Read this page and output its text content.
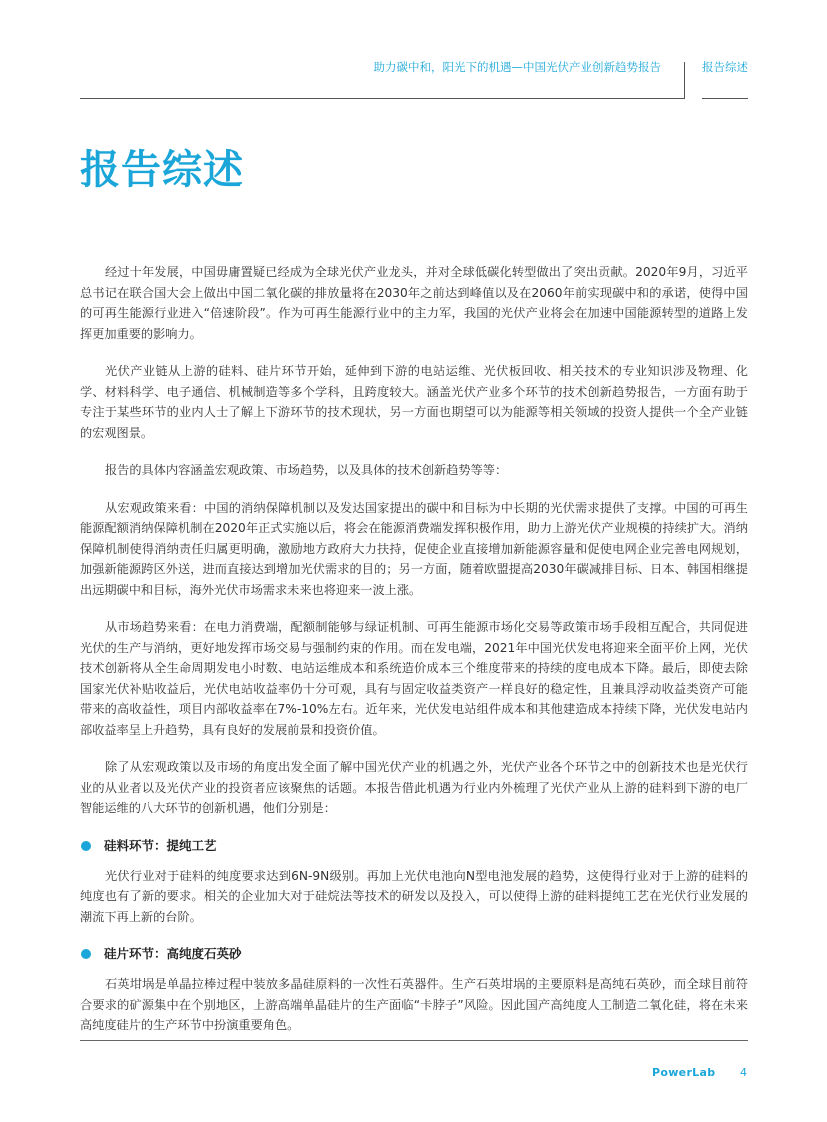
助力碳中和，阳光下的机遇—中国光伏产业创新趋势报告	报告综述
报告综述

经过十年发展，中国毋庸置疑已经成为全球光伏产业龙头，并对全球低碳化转型做出了突出贡献。2020年9月，习近平总书记在联合国大会上做出中国二氧化碳的排放量将在2030年之前达到峰值以及在2060年前实现碳中和的承诺，使得中国的可再生能源行业进入“倍速阶段”。作为可再生能源行业中的主力军，我国的光伏产业将会在加速中国能源转型的道路上发挥更加重要的影响力。

光伏产业链从上游的硅料、硅片环节开始，延伸到下游的电站运维、光伏板回收、相关技术的专业知识涉及物理、化学、材料科学、电子通信、机械制造等多个学科，且跨度较大。涵盖光伏产业多个环节的技术创新趋势报告，一方面有助于专注于某些环节的业内人士了解上下游环节的技术现状，另一方面也期望可以为能源等相关领域的投资人提供一个全产业链的宏观图景。

报告的具体内容涵盖宏观政策、市场趋势，以及具体的技术创新趋势等等：

从宏观政策来看：中国的消纳保障机制以及发达国家提出的碳中和目标为中长期的光伏需求提供了支撑。中国的可再生能源配额消纳保障机制在2020年正式实施以后，将会在能源消费端发挥积极作用，助力上游光伏产业规模的持续扩大。消纳保障机制使得消纳责任归属更明确，激励地方政府大力扶持，促使企业直接增加新能源容量和促使电网企业完善电网规划，加强新能源跨区外送，进而直接达到增加光伏需求的目的；另一方面，随着欧盟提高2030年碳减排目标、日本、韩国相继提出远期碳中和目标，海外光伏市场需求未来也将迎来一波上涨。

从市场趋势来看：在电力消费端，配额制能够与绿证机制、可再生能源市场化交易等政策市场手段相互配合，共同促进光伏的生产与消纳，更好地发挥市场交易与强制约束的作用。而在发电端，2021年中国光伏发电将迎来全面平价上网，光伏技术创新将从全生命周期发电小时数、电站运维成本和系统造价成本三个维度带来的持续的度电成本下降。最后，即使去除国家光伏补贴收益后，光伏电站收益率仍十分可观，具有与固定收益类资产一样良好的稳定性，且兼具浮动收益类资产可能带来的高收益性，项目内部收益率在7%-10%左右。近年来，光伏发电站组件成本和其他建造成本持续下降，光伏发电站内部收益率呈上升趋势，具有良好的发展前景和投资价值。

除了从宏观政策以及市场的角度出发全面了解中国光伏产业的机遇之外，光伏产业各个环节之中的创新技术也是光伏行业的从业者以及光伏产业的投资者应该聚焦的话题。本报告借此机遇为行业内外梳理了光伏产业从上游的硅料到下游的电厂智能运维的八大环节的创新机遇，他们分别是：

硅料环节：提纯工艺

光伏行业对于硅料的纯度要求达到6N-9N级别。再加上光伏电池向N型电池发展的趋势，这使得行业对于上游的硅料的纯度也有了新的要求。相关的企业加大对于硅烷法等技术的研发以及投入，可以使得上游的硅料提纯工艺在光伏行业发展的潮流下再上新的台阶。

硅片环节：高纯度石英砂

石英坩埚是单晶拉棒过程中装放多晶硅原料的一次性石英器件。生产石英坩埚的主要原料是高纯石英砂，而全球目前符合要求的矿源集中在个别地区，上游高端单晶硅片的生产面临“卡脖子”风险。因此国产高纯度人工制造二氧化硅，将在未来高纯度硅片的生产环节中扮演重要角色。

PowerLab 4
